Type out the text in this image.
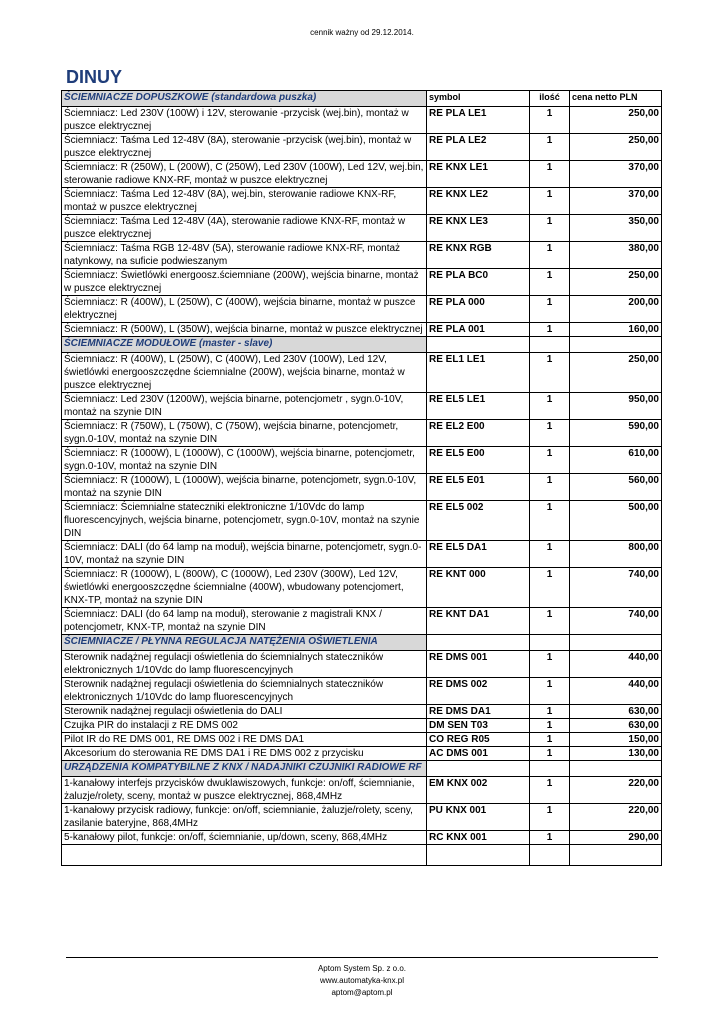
cennik ważny od 29.12.2014.
DINUY
ŚCIEMNIACZE DOPUSZKOWE (standardowa puszka)	symbol	ilość	cena netto PLN
Ściemniacz: Led 230V (100W) i 12V, sterowanie -przycisk (wej.bin), montaż w puszce elektrycznej	RE PLA LE1	1	250,00
Ściemniacz: Taśma Led 12-48V (8A), sterowanie -przycisk (wej.bin), montaż w puszce elektrycznej	RE PLA LE2	1	250,00
Ściemniacz: R (250W), L (200W), C (250W), Led 230V (100W), Led 12V, wej.bin, sterowanie radiowe KNX-RF, montaż w puszce elektrycznej	RE KNX LE1	1	370,00
Ściemniacz: Taśma Led 12-48V (8A), wej.bin, sterowanie radiowe KNX-RF, montaż w puszce elektrycznej	RE KNX LE2	1	370,00
Ściemniacz: Taśma Led 12-48V (4A), sterowanie radiowe KNX-RF, montaż w puszce elektrycznej	RE KNX LE3	1	350,00
Ściemniacz: Taśma RGB 12-48V (5A), sterowanie radiowe KNX-RF, montaż natynkowy, na suficie podwieszanym	RE KNX RGB	1	380,00
Ściemniacz: Świetlówki energoosz.ściemniane (200W), wejścia binarne, montaż w puszce elektrycznej	RE PLA BC0	1	250,00
Ściemniacz: R (400W), L (250W), C (400W), wejścia binarne, montaż w puszce elektrycznej	RE PLA 000	1	200,00
Ściemniacz: R (500W), L (350W), wejścia binarne, montaż w puszce elektrycznej	RE PLA 001	1	160,00
ŚCIEMNIACZE MODUŁOWE (master - slave)			
Ściemniacz: R (400W), L (250W), C (400W), Led 230V (100W), Led 12V, świetlówki energooszczędne ściemnialne (200W), wejścia binarne, montaż w puszce elektrycznej	RE EL1 LE1	1	250,00
Ściemniacz: Led 230V (1200W), wejścia binarne, potencjometr , sygn.0-10V, montaż na szynie DIN	RE EL5 LE1	1	950,00
Ściemniacz: R (750W), L (750W), C (750W), wejścia binarne, potencjometr, sygn.0-10V, montaż na szynie DIN	RE EL2 E00	1	590,00
Ściemniacz: R (1000W), L (1000W), C (1000W), wejścia binarne, potencjometr, sygn.0-10V, montaż na szynie DIN	RE EL5 E00	1	610,00
Ściemniacz: R (1000W), L (1000W), wejścia binarne, potencjometr, sygn.0-10V, montaż na szynie DIN	RE EL5 E01	1	560,00
Ściemniacz: Ściemnialne stateczniki elektroniczne 1/10Vdc do lamp fluorescencyjnych, wejścia binarne, potencjometr, sygn.0-10V, montaż na szynie DIN	RE EL5 002	1	500,00
Ściemniacz: DALI (do 64 lamp na moduł), wejścia binarne, potencjometr, sygn.0-10V, montaż na szynie DIN	RE EL5 DA1	1	800,00
Ściemniacz: R (1000W), L (800W), C (1000W), Led 230V (300W), Led 12V, świetlówki energooszczędne ściemnialne (400W), wbudowany potencjomert, KNX-TP, montaż na szynie DIN	RE KNT 000	1	740,00
Ściemniacz: DALI (do 64 lamp na moduł), sterowanie z magistrali KNX / potencjometr, KNX-TP, montaż na szynie DIN	RE KNT DA1	1	740,00
ŚCIEMNIACZE / PŁYNNA REGULACJA NATĘŻENIA OŚWIETLENIA			
Sterownik nadążnej regulacji oświetlenia do ściemnialnych stateczników elektronicznych 1/10Vdc do lamp fluorescencyjnych	RE DMS 001	1	440,00
Sterownik nadążnej regulacji oświetlenia do ściemnialnych stateczników elektronicznych 1/10Vdc do lamp fluorescencyjnych	RE DMS 002	1	440,00
Sterownik nadążnej regulacji oświetlenia do DALI	RE DMS DA1	1	630,00
Czujka PIR do instalacji z RE DMS 002	DM SEN T03	1	630,00
Pilot IR do RE DMS 001, RE DMS 002 i RE DMS DA1	CO REG R05	1	150,00
Akcesorium do sterowania RE DMS DA1 i RE DMS 002 z przycisku	AC DMS 001	1	130,00
URZĄDZENIA KOMPATYBILNE Z KNX / NADAJNIKI CZUJNIKI RADIOWE RF			
1-kanałowy interfejs przycisków dwuklawiszowych, funkcje: on/off, ściemnianie, żaluzje/rolety, sceny, montaż w puszce elektrycznej, 868,4MHz	EM KNX 002	1	220,00
1-kanałowy przycisk radiowy, funkcje: on/off, sciemnianie, żaluzje/rolety, sceny, zasilanie bateryjne, 868,4MHz	PU KNX 001	1	220,00
5-kanałowy pilot, funkcje: on/off, ściemnianie, up/down, sceny, 868,4MHz	RC KNX 001	1	290,00

Aptom System Sp. z o.o.
www.automatyka-knx.pl
aptom@aptom.pl
